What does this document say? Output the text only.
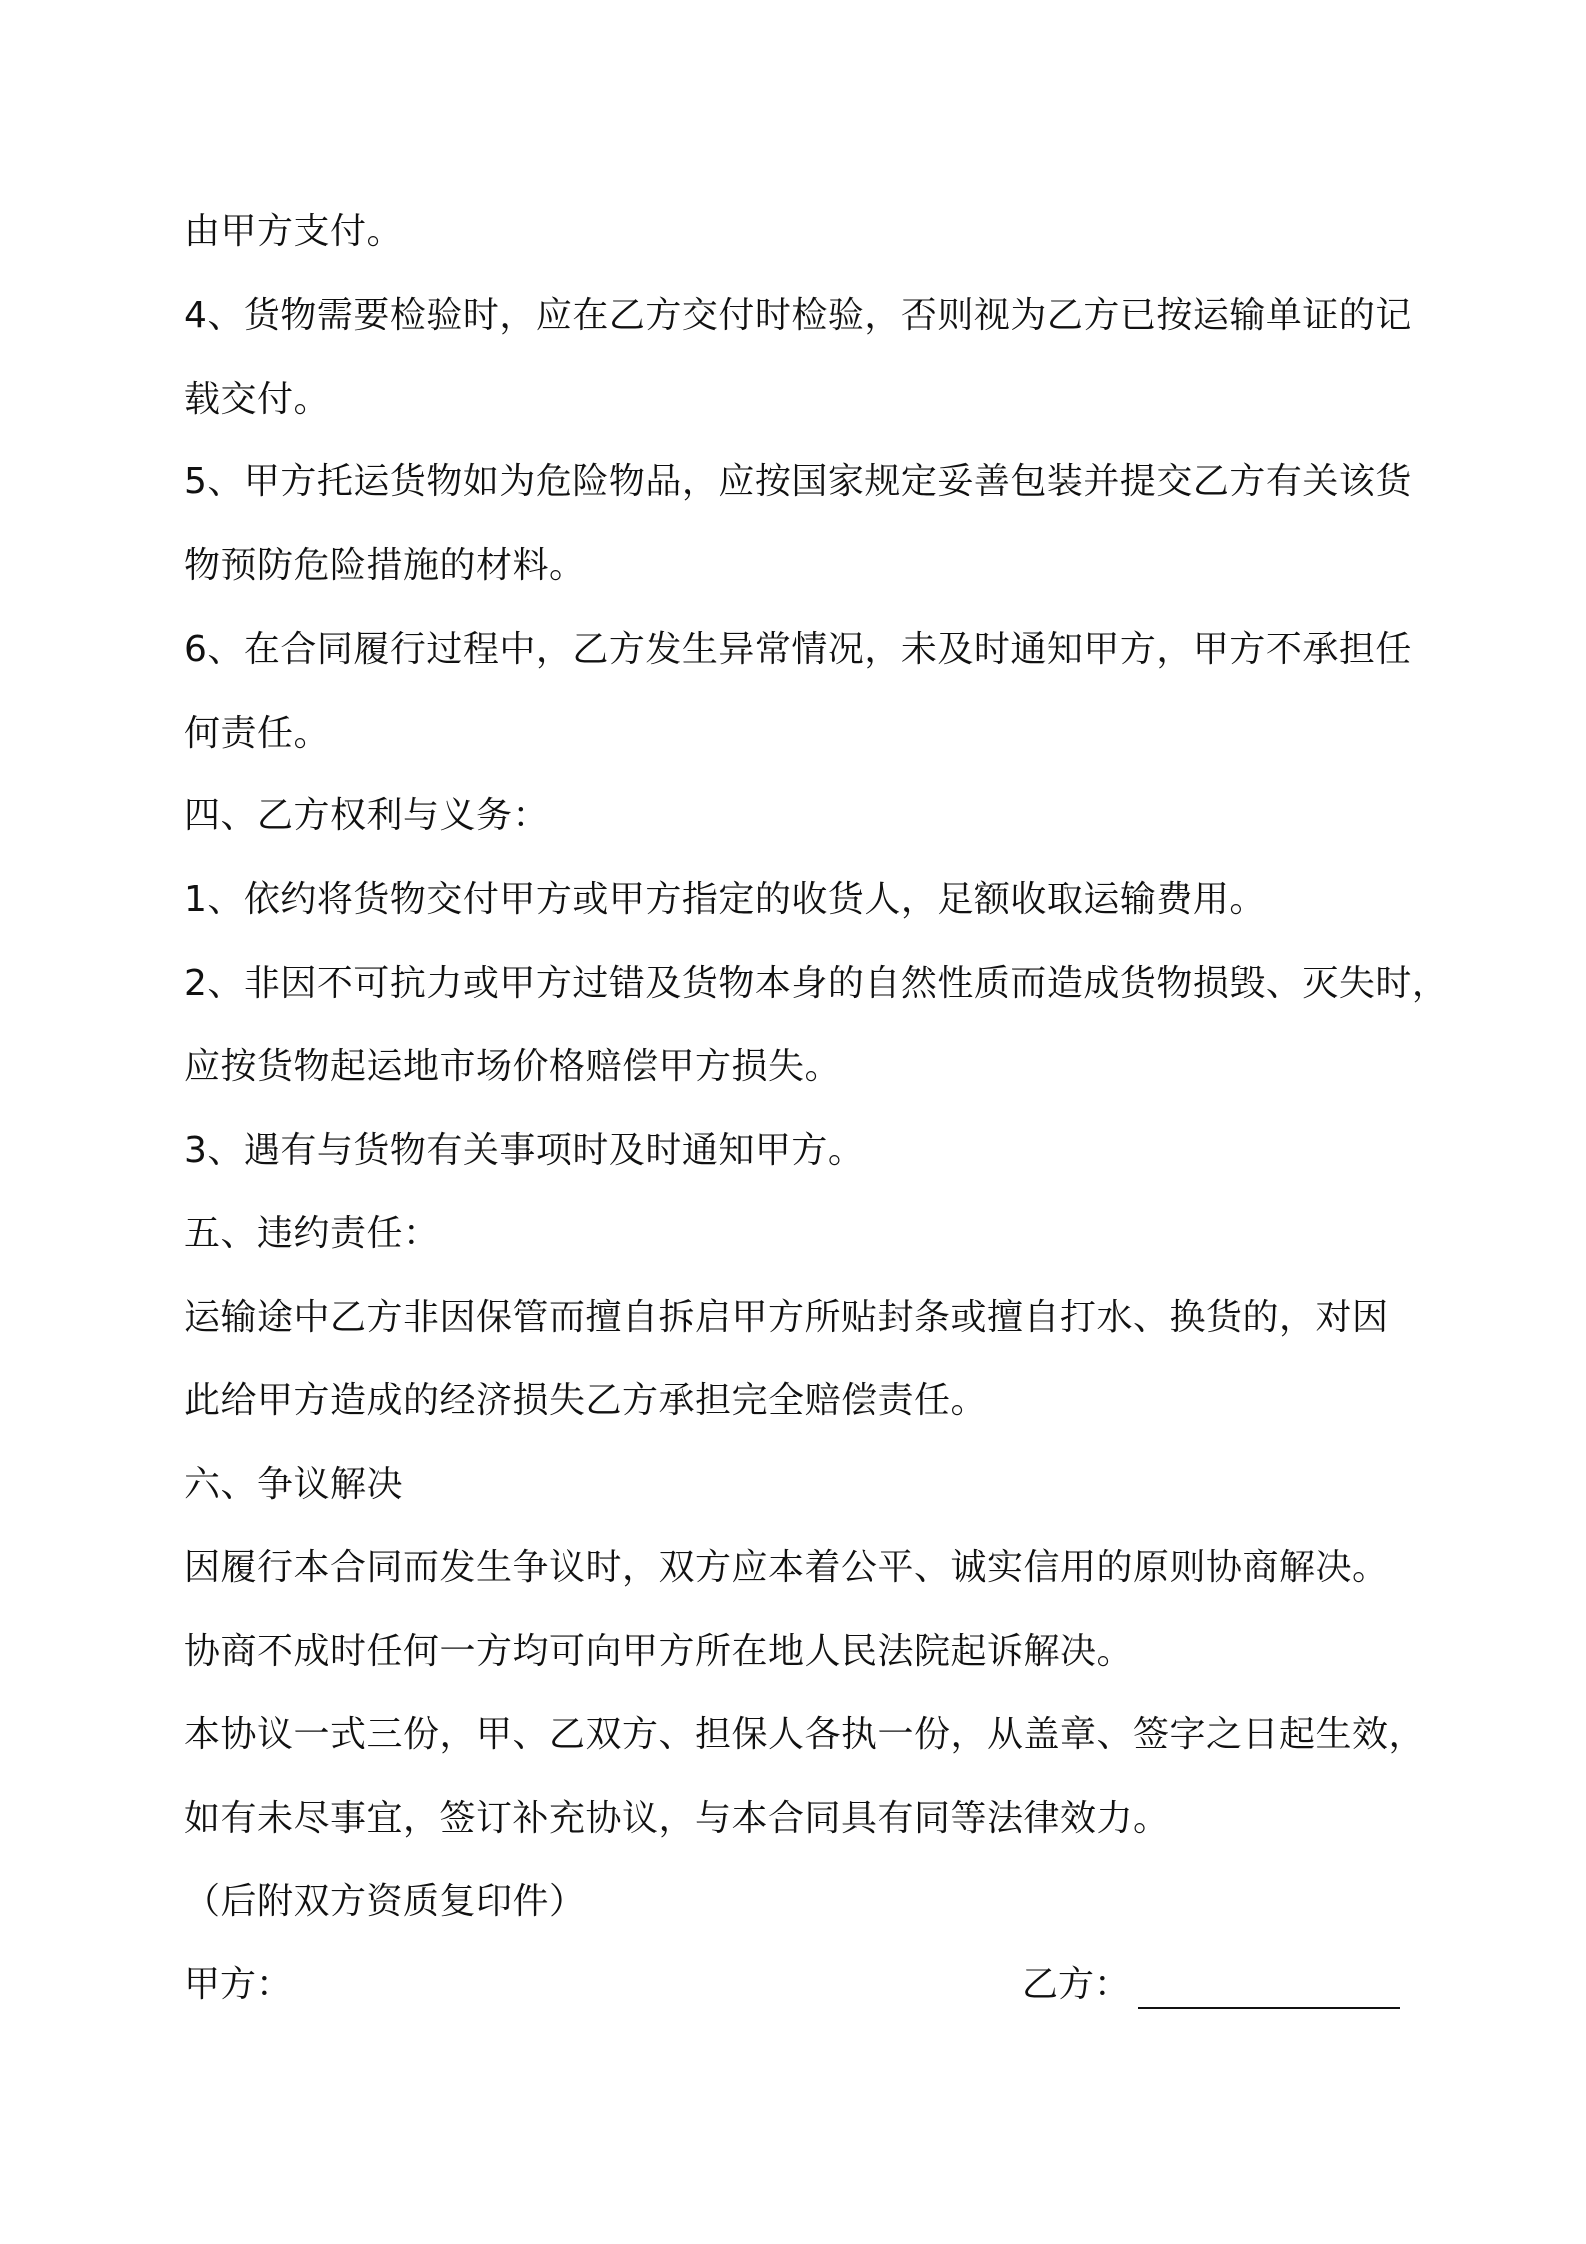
由甲方支付。
4、货物需要检验时，应在乙方交付时检验，否则视为乙方已按运输单证的记
载交付。
5、甲方托运货物如为危险物品，应按国家规定妥善包装并提交乙方有关该货
物预防危险措施的材料。
6、在合同履行过程中，乙方发生异常情况，未及时通知甲方，甲方不承担任
何责任。
四、乙方权利与义务：
1、依约将货物交付甲方或甲方指定的收货人，足额收取运输费用。
2、非因不可抗力或甲方过错及货物本身的自然性质而造成货物损毁、灭失时，
应按货物起运地市场价格赔偿甲方损失。
3、遇有与货物有关事项时及时通知甲方。
五、违约责任：
运输途中乙方非因保管而擅自拆启甲方所贴封条或擅自打水、换货的，对因
此给甲方造成的经济损失乙方承担完全赔偿责任。
六、争议解决
因履行本合同而发生争议时，双方应本着公平、诚实信用的原则协商解决。
协商不成时任何一方均可向甲方所在地人民法院起诉解决。
本协议一式三份，甲、乙双方、担保人各执一份，从盖章、签字之日起生效，
如有未尽事宜，签订补充协议，与本合同具有同等法律效力。
（后附双方资质复印件）
甲方：	乙方：
